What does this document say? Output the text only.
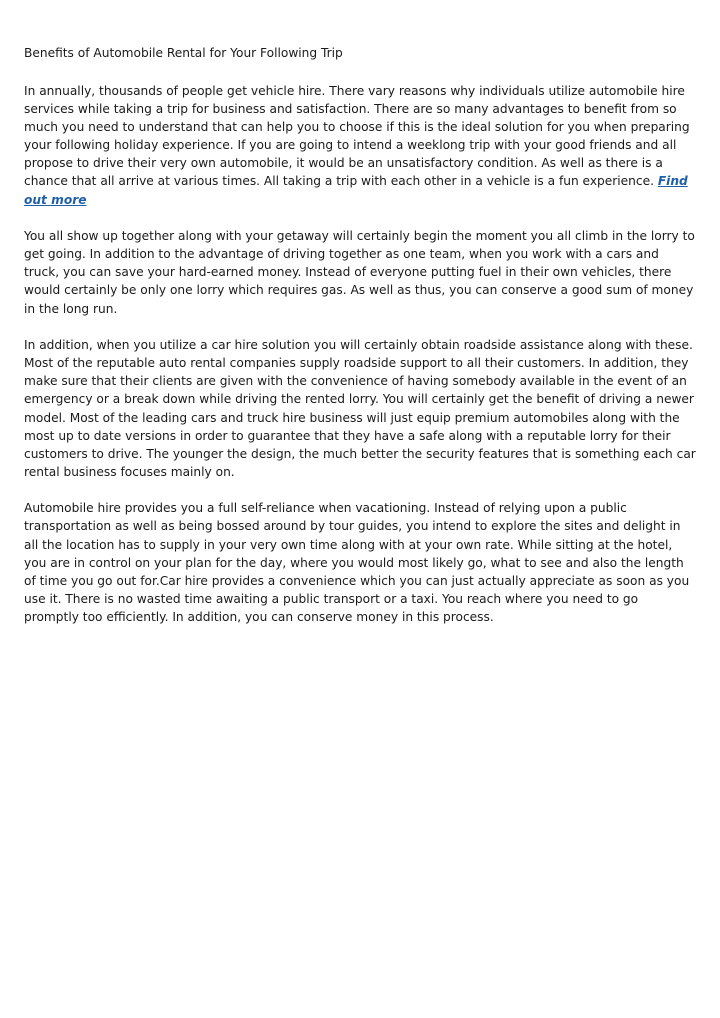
Benefits of Automobile Rental for Your Following Trip

In annually, thousands of people get vehicle hire. There vary reasons why individuals utilize automobile hire services while taking a trip for business and satisfaction. There are so many advantages to benefit from so much you need to understand that can help you to choose if this is the ideal solution for you when preparing your following holiday experience. If you are going to intend a weeklong trip with your good friends and all propose to drive their very own automobile, it would be an unsatisfactory condition. As well as there is a chance that all arrive at various times. All taking a trip with each other in a vehicle is a fun experience. Find out more

You all show up together along with your getaway will certainly begin the moment you all climb in the lorry to get going. In addition to the advantage of driving together as one team, when you work with a cars and truck, you can save your hard-earned money. Instead of everyone putting fuel in their own vehicles, there would certainly be only one lorry which requires gas. As well as thus, you can conserve a good sum of money in the long run.

In addition, when you utilize a car hire solution you will certainly obtain roadside assistance along with these. Most of the reputable auto rental companies supply roadside support to all their customers. In addition, they make sure that their clients are given with the convenience of having somebody available in the event of an emergency or a break down while driving the rented lorry. You will certainly get the benefit of driving a newer model. Most of the leading cars and truck hire business will just equip premium automobiles along with the most up to date versions in order to guarantee that they have a safe along with a reputable lorry for their customers to drive. The younger the design, the much better the security features that is something each car rental business focuses mainly on.

Automobile hire provides you a full self-reliance when vacationing. Instead of relying upon a public transportation as well as being bossed around by tour guides, you intend to explore the sites and delight in all the location has to supply in your very own time along with at your own rate. While sitting at the hotel, you are in control on your plan for the day, where you would most likely go, what to see and also the length of time you go out for.Car hire provides a convenience which you can just actually appreciate as soon as you use it. There is no wasted time awaiting a public transport or a taxi. You reach where you need to go promptly too efficiently. In addition, you can conserve money in this process.
